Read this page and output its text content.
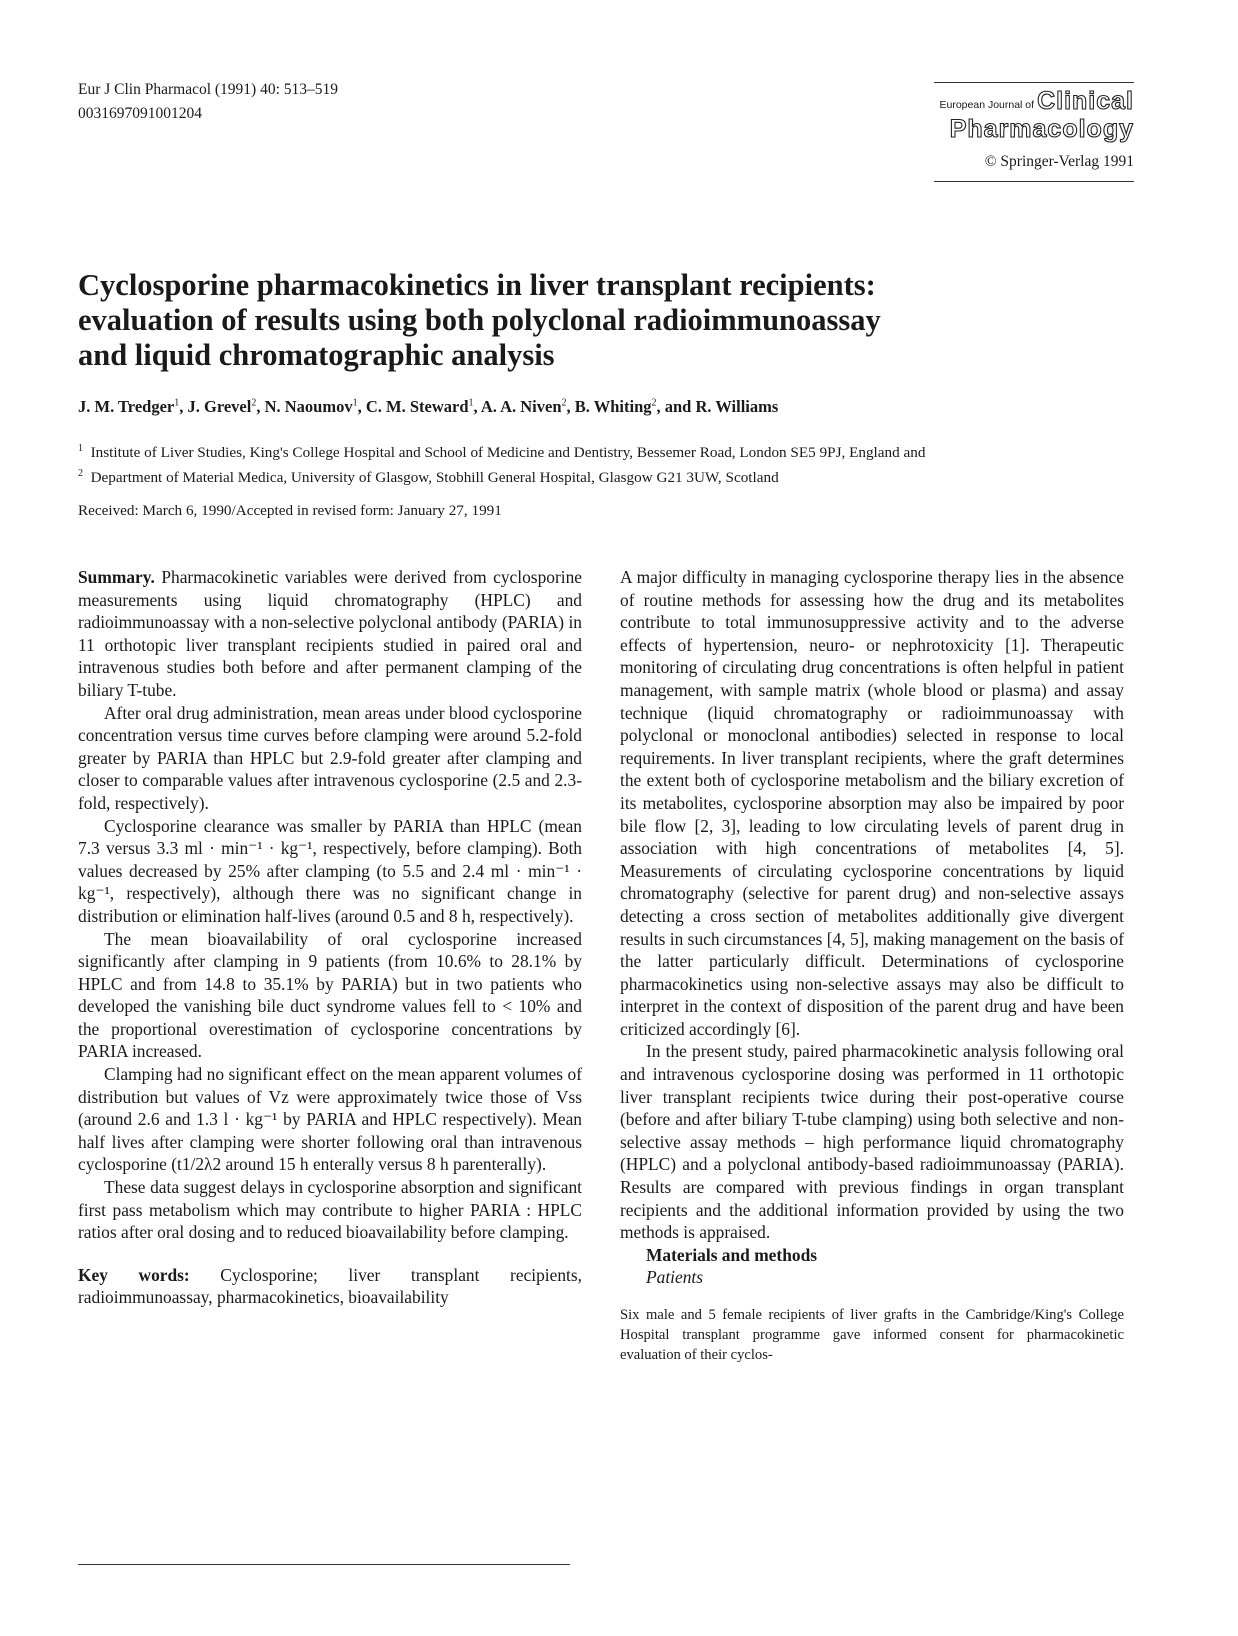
Eur J Clin Pharmacol (1991) 40: 513–519
0031697091001204	European Journal of Clinical
Pharmacology
© Springer-Verlag 1991
Cyclosporine pharmacokinetics in liver transplant recipients:
evaluation of results using both polyclonal radioimmunoassay
and liquid chromatographic analysis
J. M. Tredger$^1$, J. Grevel$^2$, N. Naoumov$^1$, C. M. Steward$^1$, A. A. Niven$^2$, B. Whiting$^2$, and R. Williams
$^1$ Institute of Liver Studies, King's College Hospital and School of Medicine and Dentistry, Bessemer Road, London SE5 9PJ, England and
$^2$ Department of Material Medica, University of Glasgow, Stobhill General Hospital, Glasgow G21 3UW, Scotland
Received: March 6, 1990/Accepted in revised form: January 27, 1991

Summary. Pharmacokinetic variables were derived from cyclosporine measurements using liquid chromatography (HPLC) and radioimmunoassay with a non-selective polyclonal antibody (PARIA) in 11 orthotopic liver transplant recipients studied in paired oral and intravenous studies both before and after permanent clamping of the biliary T-tube.

After oral drug administration, mean areas under blood cyclosporine concentration versus time curves before clamping were around 5.2-fold greater by PARIA than HPLC but 2.9-fold greater after clamping and closer to comparable values after intravenous cyclosporine (2.5 and 2.3-fold, respectively).

Cyclosporine clearance was smaller by PARIA than HPLC (mean 7.3 versus 3.3 ml · min⁻¹ · kg⁻¹, respectively, before clamping). Both values decreased by 25% after clamping (to 5.5 and 2.4 ml · min⁻¹ · kg⁻¹, respectively), although there was no significant change in distribution or elimination half-lives (around 0.5 and 8 h, respectively).

The mean bioavailability of oral cyclosporine increased significantly after clamping in 9 patients (from 10.6% to 28.1% by HPLC and from 14.8 to 35.1% by PARIA) but in two patients who developed the vanishing bile duct syndrome values fell to < 10% and the proportional overestimation of cyclosporine concentrations by PARIA increased.

Clamping had no significant effect on the mean apparent volumes of distribution but values of Vz were approximately twice those of Vss (around 2.6 and 1.3 l · kg⁻¹ by PARIA and HPLC respectively). Mean half lives after clamping were shorter following oral than intravenous cyclosporine (t1/2λ2 around 15 h enterally versus 8 h parenterally).

These data suggest delays in cyclosporine absorption and significant first pass metabolism which may contribute to higher PARIA : HPLC ratios after oral dosing and to reduced bioavailability before clamping.

Key words: Cyclosporine; liver transplant recipients, radioimmunoassay, pharmacokinetics, bioavailability

A major difficulty in managing cyclosporine therapy lies in the absence of routine methods for assessing how the drug and its metabolites contribute to total immunosuppressive activity and to the adverse effects of hypertension, neuro- or nephrotoxicity [1]. Therapeutic monitoring of circulating drug concentrations is often helpful in patient management, with sample matrix (whole blood or plasma) and assay technique (liquid chromatography or radioimmunoassay with polyclonal or monoclonal antibodies) selected in response to local requirements. In liver transplant recipients, where the graft determines the extent both of cyclosporine metabolism and the biliary excretion of its metabolites, cyclosporine absorption may also be impaired by poor bile flow [2, 3], leading to low circulating levels of parent drug in association with high concentrations of metabolites [4, 5]. Measurements of circulating cyclosporine concentrations by liquid chromatography (selective for parent drug) and non-selective assays detecting a cross section of metabolites additionally give divergent results in such circumstances [4, 5], making management on the basis of the latter particularly difficult. Determinations of cyclosporine pharmacokinetics using non-selective assays may also be difficult to interpret in the context of disposition of the parent drug and have been criticized accordingly [6].

In the present study, paired pharmacokinetic analysis following oral and intravenous cyclosporine dosing was performed in 11 orthotopic liver transplant recipients twice during their post-operative course (before and after biliary T-tube clamping) using both selective and non-selective assay methods – high performance liquid chromatography (HPLC) and a polyclonal antibody-based radioimmunoassay (PARIA). Results are compared with previous findings in organ transplant recipients and the additional information provided by using the two methods is appraised.

Materials and methods

Patients

Six male and 5 female recipients of liver grafts in the Cambridge/King's College Hospital transplant programme gave informed consent for pharmacokinetic evaluation of their cyclos-
